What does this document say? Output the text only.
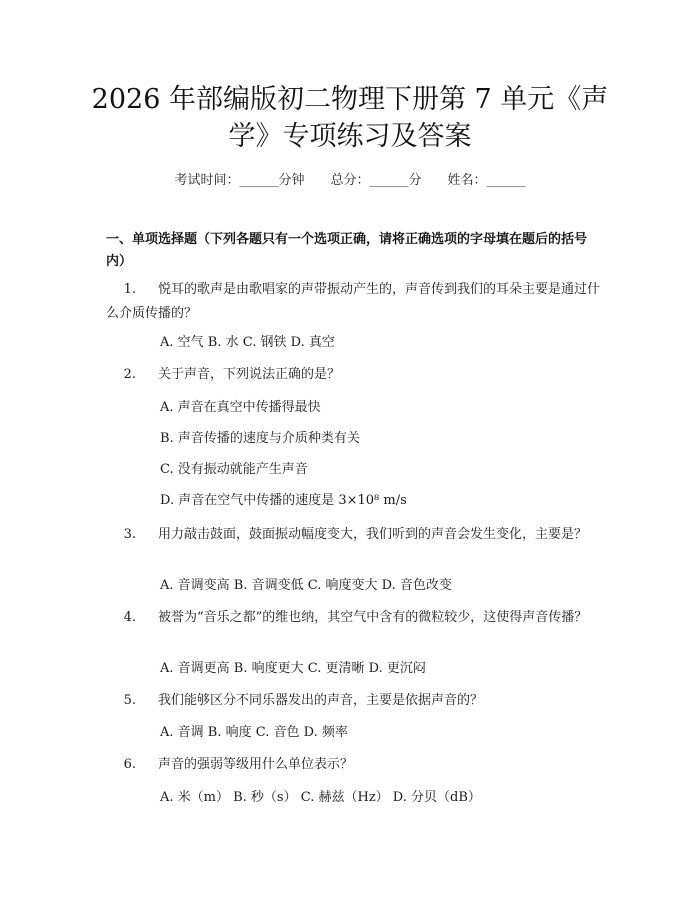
2026 年部编版初二物理下册第 7 单元《声
学》专项练习及答案
考试时间：______分钟 总分：______分 姓名：______
一、单项选择题（下列各题只有一个选项正确，请将正确选项的字母填在题后的括号内）
1. 悦耳的歌声是由歌唱家的声带振动产生的，声音传到我们的耳朵主要是通过什么介质传播的？
A. 空气 B. 水 C. 钢铁 D. 真空
2. 关于声音，下列说法正确的是？
A. 声音在真空中传播得最快
B. 声音传播的速度与介质种类有关
C. 没有振动就能产生声音
D. 声音在空气中传播的速度是 3×10⁸ m/s
3. 用力敲击鼓面，鼓面振动幅度变大，我们听到的声音会发生变化，主要是？
A. 音调变高 B. 音调变低 C. 响度变大 D. 音色改变
4. 被誉为“音乐之都”的维也纳，其空气中含有的微粒较少，这使得声音传播？
A. 音调更高 B. 响度更大 C. 更清晰 D. 更沉闷
5. 我们能够区分不同乐器发出的声音，主要是依据声音的？
A. 音调 B. 响度 C. 音色 D. 频率
6. 声音的强弱等级用什么单位表示？
A. 米（m） B. 秒（s） C. 赫兹（Hz） D. 分贝（dB）
